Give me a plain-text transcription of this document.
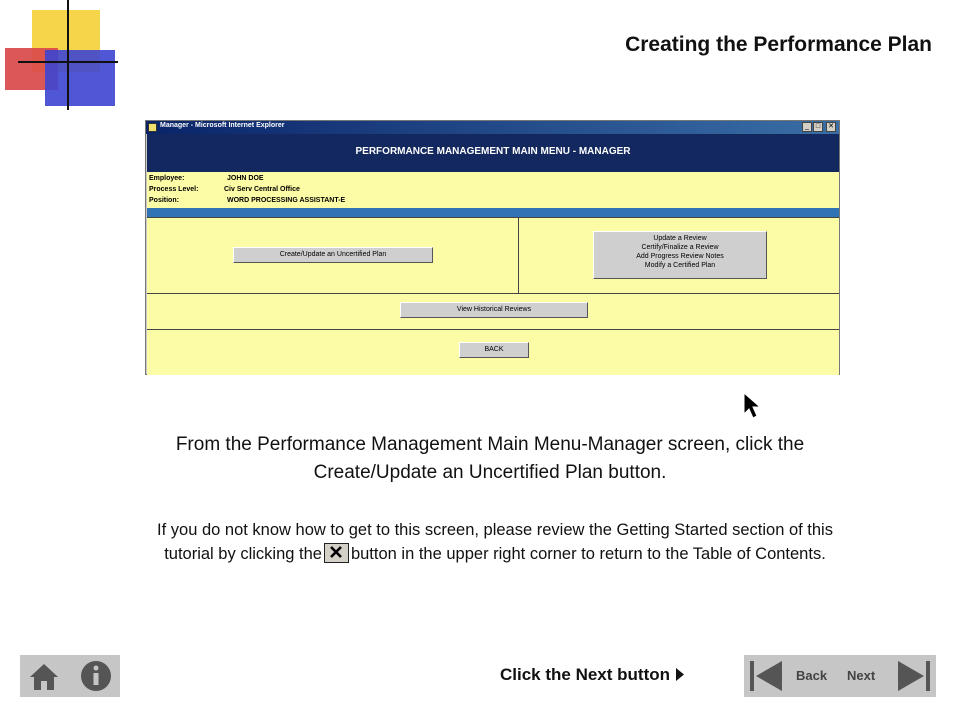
Creating the Performance Plan
Manager - Microsoft Internet Explorer	_ □	✕
PERFORMANCE MANAGEMENT MAIN MENU - MANAGER
Employee:	JOHN DOE
Process Level:	Civ Serv Central Office
Position:	WORD PROCESSING ASSISTANT-E
Create/Update an Uncertified Plan
Update a Review
Certify/Finalize a Review
Add Progress Review Notes
Modify a Certified Plan
View Historical Reviews
BACK
From the Performance Management Main Menu-Manager screen, click the Create/Update an Uncertified Plan button.
If you do not know how to get to this screen, please review the Getting Started section of this tutorial by clicking the button in the upper right corner to return to the Table of Contents.
Click the Next button	Back Next
